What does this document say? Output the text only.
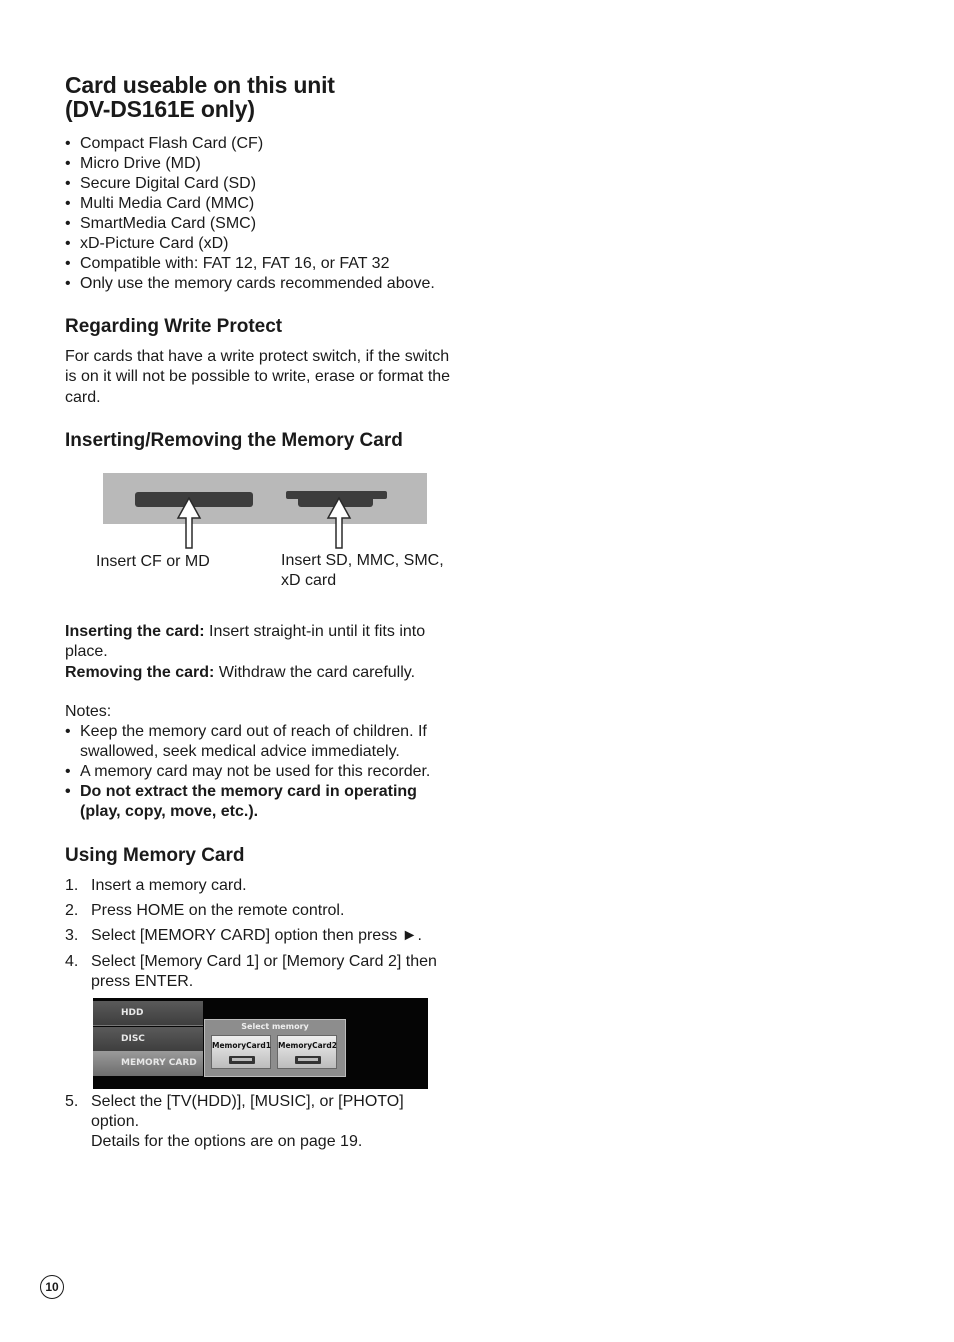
Card useable on this unit
(DV-DS161E only)
• Compact Flash Card (CF)
• Micro Drive (MD)
• Secure Digital Card (SD)
• Multi Media Card (MMC)
• SmartMedia Card (SMC)
• xD-Picture Card (xD)
• Compatible with: FAT 12, FAT 16, or FAT 32
• Only use the memory cards recommended above.
Regarding Write Protect
For cards that have a write protect switch, if the switch
is on it will not be possible to write, erase or format the
card.
Inserting/Removing the Memory Card
Insert CF or MD	Insert SD, MMC, SMC,
xD card
Inserting the card: Insert straight-in until it fits into
place.
Removing the card: Withdraw the card carefully.
Notes:
• Keep the memory card out of reach of children. If
swallowed, seek medical advice immediately.
• A memory card may not be used for this recorder.
• Do not extract the memory card in operating
(play, copy, move, etc.).
Using Memory Card
1. Insert a memory card.
2. Press HOME on the remote control.
3. Select [MEMORY CARD] option then press ►.
4. Select [Memory Card 1] or [Memory Card 2] then
press ENTER.
HDD
DISC
MEMORY CARD
Select memory
MemoryCard1 MemoryCard2
5. Select the [TV(HDD)], [MUSIC], or [PHOTO]
option.
Details for the options are on page 19.
10
